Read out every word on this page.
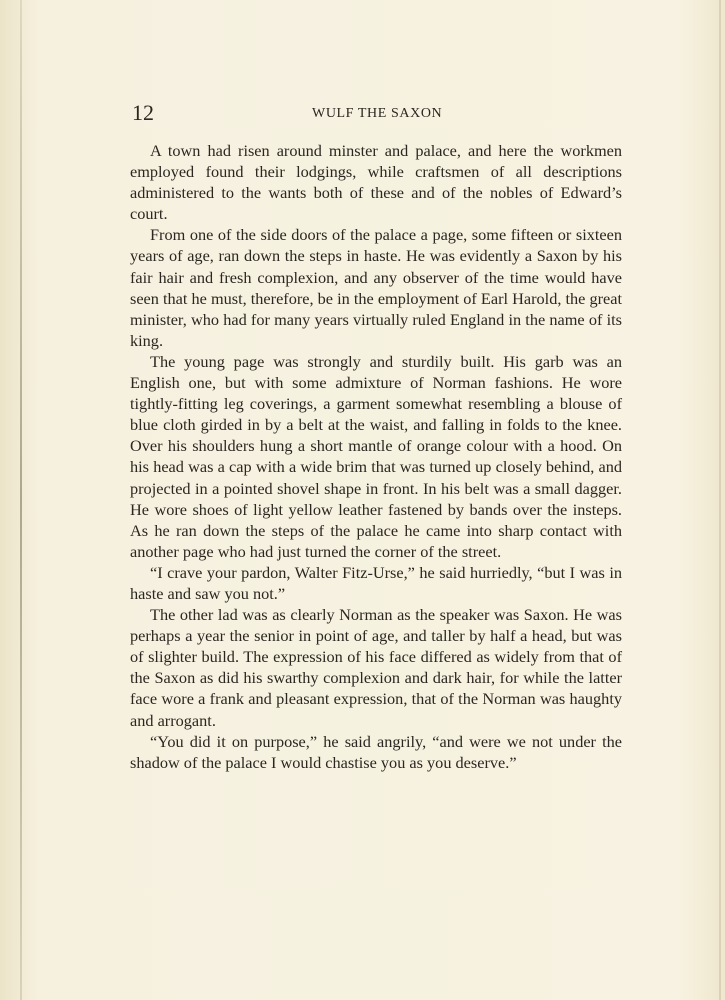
12	WULF THE SAXON

A town had risen around minster and palace, and here the workmen employed found their lodgings, while craftsmen of all descriptions administered to the wants both of these and of the nobles of Edward’s court.

From one of the side doors of the palace a page, some fifteen or sixteen years of age, ran down the steps in haste. He was evidently a Saxon by his fair hair and fresh complexion, and any observer of the time would have seen that he must, therefore, be in the employment of Earl Harold, the great minister, who had for many years virtually ruled England in the name of its king.

The young page was strongly and sturdily built. His garb was an English one, but with some admixture of Norman fashions. He wore tightly-fitting leg coverings, a garment somewhat resembling a blouse of blue cloth girded in by a belt at the waist, and falling in folds to the knee. Over his shoulders hung a short mantle of orange colour with a hood. On his head was a cap with a wide brim that was turned up closely behind, and projected in a pointed shovel shape in front. In his belt was a small dagger. He wore shoes of light yellow leather fastened by bands over the insteps. As he ran down the steps of the palace he came into sharp contact with another page who had just turned the corner of the street.

“I crave your pardon, Walter Fitz-Urse,” he said hurriedly, “but I was in haste and saw you not.”

The other lad was as clearly Norman as the speaker was Saxon. He was perhaps a year the senior in point of age, and taller by half a head, but was of slighter build. The expression of his face differed as widely from that of the Saxon as did his swarthy complexion and dark hair, for while the latter face wore a frank and pleasant expression, that of the Norman was haughty and arrogant.

“You did it on purpose,” he said angrily, “and were we not under the shadow of the palace I would chastise you as you deserve.”
